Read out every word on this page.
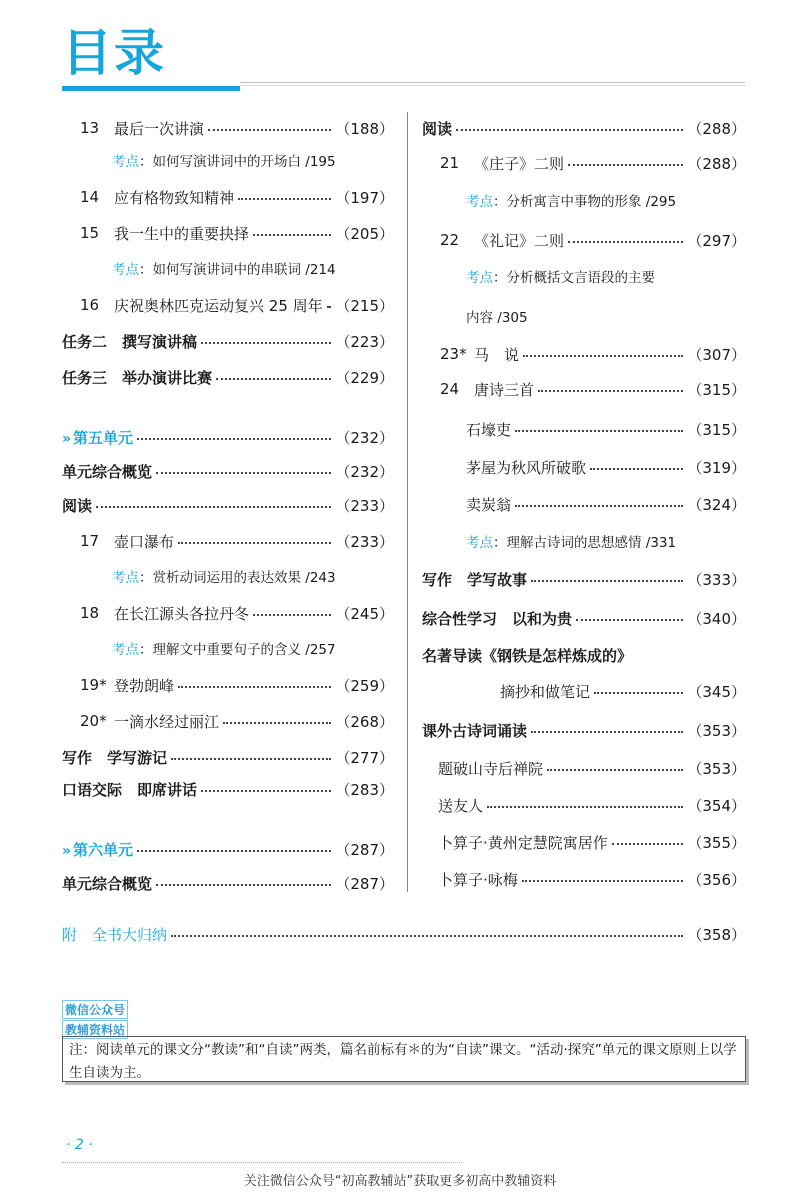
目录
13 最后一次讲演	（188）
考点 ：如何写演讲词中的开场白 /195
14 应有格物致知精神	（197）
15 我一生中的重要抉择	（205）
考点 ：如何写演讲词中的串联词 /214
16 庆祝奥林匹克运动复兴 25 周年 （215）
任务二　撰写演讲稿	（223）
任务三　举办演讲比赛	（229）
» 第五单元	（232）
单元综合概览	（232）
阅读	（233）
17 壶口瀑布	（233）
考点 ：赏析动词运用的表达效果 /243
18 在长江源头各拉丹冬	（245）
考点 ：理解文中重要句子的含义 /257
19* 登勃朗峰	（259）
20* 一滴水经过丽江	（268）
写作　学写游记	（277）
口语交际　即席讲话	（283）
» 第六单元	（287）
单元综合概览	（287）
阅读	（288）
21 《庄子》二则	（288）
考点 ：分析寓言中事物的形象 /295
22 《礼记》二则	（297）
考点 ：分析概括文言语段的主要
内容 /305
23* 马　说	（307）
24 唐诗三首	（315）
石壕吏	（315）
茅屋为秋风所破歌	（319）
卖炭翁	（324）
考点 ：理解古诗词的思想感情 /331
写作　学写故事	（333）
综合性学习　以和为贵	（340）
名著导读《钢铁是怎样炼成的》
摘抄和做笔记	（345）
课外古诗词诵读	（353）
题破山寺后禅院	（353）
送友人	（354）
卜算子·黄州定慧院寓居作	（355）
卜算子·咏梅	（356）
附　全书大归纳	（358）
微信公众号
教辅资料站
注：阅读单元的课文分“教读”和“自读”两类，篇名前标有＊的为“自读”课文。“活动·探究”单元的课文原则上以学生自读为主。
· 2 ·
关注微信公众号“初高教辅站”获取更多初高中教辅资料
